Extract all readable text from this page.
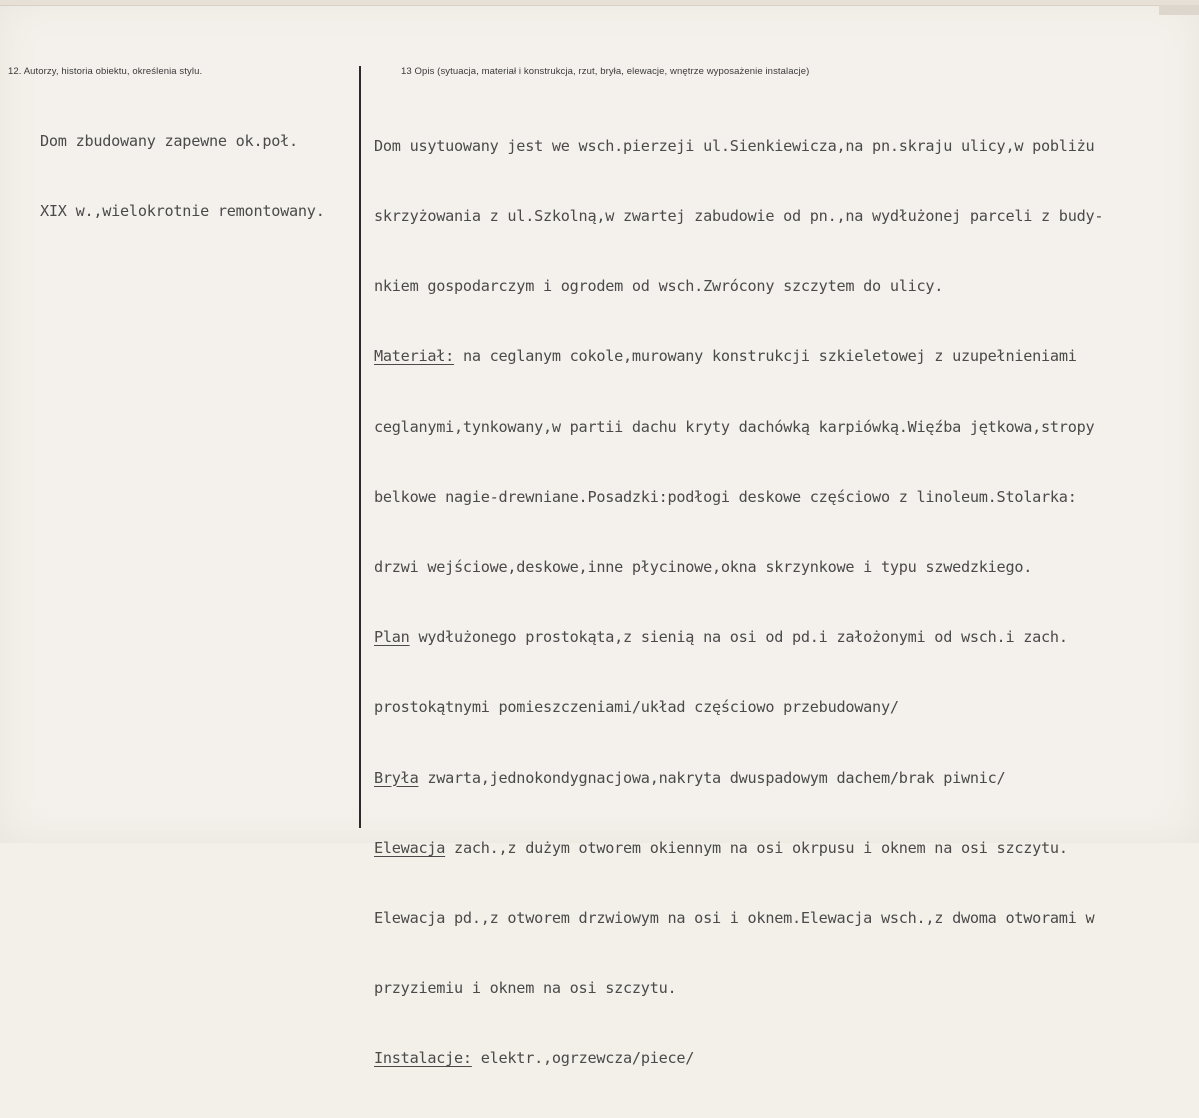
12. Autorzy, historia obiektu, określenia stylu.	13 Opis (sytuacja, materiał i konstrukcja, rzut, bryła, elewacje, wnętrze wyposażenie instalacje)

Dom zbudowany zapewne ok.poł.

XIX w.,wielokrotnie remontowany.

Dom usytuowany jest we wsch.pierzeji ul.Sienkiewicza,na pn.skraju ulicy,w pobliżu

skrzyżowania z ul.Szkolną,w zwartej zabudowie od pn.,na wydłużonej parceli z budy-

nkiem gospodarczym i ogrodem od wsch.Zwrócony szczytem do ulicy.

Materiał: na ceglanym cokole,murowany konstrukcji szkieletowej z uzupełnieniami

ceglanymi,tynkowany,w partii dachu kryty dachówką karpiówką.Więźba jętkowa,stropy

belkowe nagie-drewniane.Posadzki:podłogi deskowe częściowo z linoleum.Stolarka:

drzwi wejściowe,deskowe,inne płycinowe,okna skrzynkowe i typu szwedzkiego.

Plan wydłużonego prostokąta,z sienią na osi od pd.i założonymi od wsch.i zach.

prostokątnymi pomieszczeniami/układ częściowo przebudowany/

Bryła zwarta,jednokondygnacjowa,nakryta dwuspadowym dachem/brak piwnic/

Elewacja zach.,z dużym otworem okiennym na osi okrpusu i oknem na osi szczytu.

Elewacja pd.,z otworem drzwiowym na osi i oknem.Elewacja wsch.,z dwoma otworami w

przyziemiu i oknem na osi szczytu.

Instalacje: elektr.,ogrzewcza/piece/
